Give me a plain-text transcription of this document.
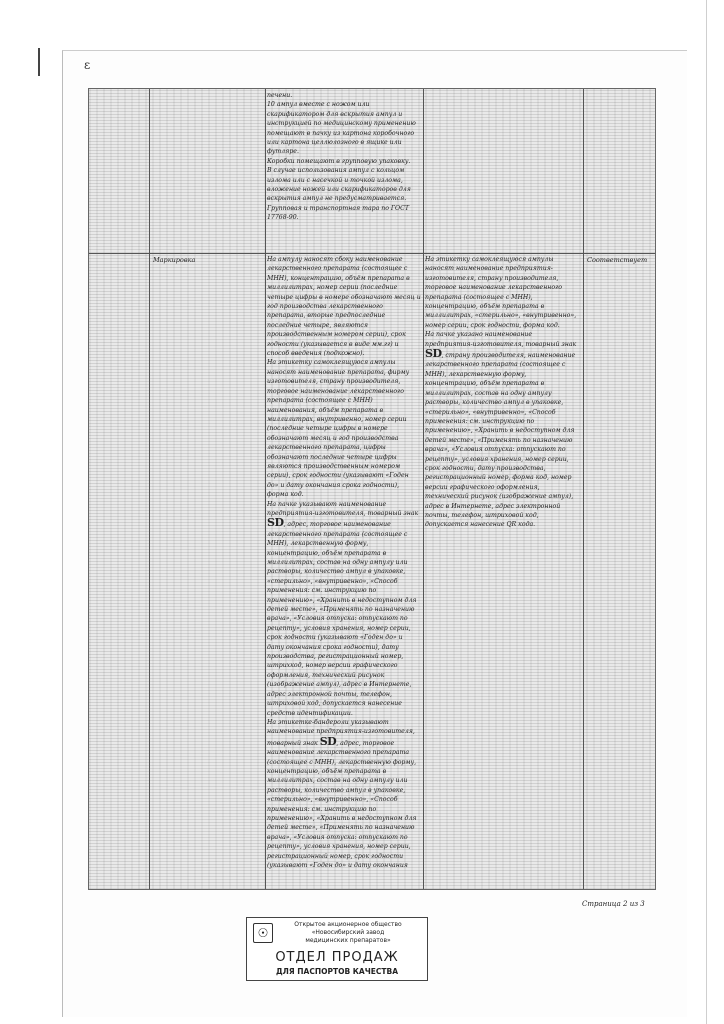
ε

печени.

10 ампул вместе с ножом или скарификатором для вскрытия ампул и инструкцией по медицинскому применению помещают в пачку из картона коробочного или картона целлюлозного в ящике или футляре.

Коробки помещают в групповую упаковку.

В случае использования ампул с кольцом излома или с насечкой и точкой излома, вложение ножей или скарификаторов для вскрытия ампул не предусматривается.

Групповая и транспортная тара по ГОСТ 17768-90.

Маркировка	На ампулу наносят сбоку наименование лекарственного препарата (состоящее с МНН), концентрацию, объём препарата в миллилитрах, номер серии (последние четыре цифры в номере обозначают месяц и год производства лекарственного препарата, вторые предпоследние последние четыре, являются производственным номером серии), срок годности (указывается в виде мм.гг) и способ введения (подкожно).

На этикетку самоклеящуюся ампулы наносят наименование препарата, фирму изготовителя, страну производителя, торговое наименование лекарственного препарата (состоящее с МНН) наименования, объём препарата в миллилитрах, внутривенно, номер серии (последние четыре цифры в номере обозначают месяц и год производства лекарственного препарата, цифры обозначают последние четыре цифры являются производственным номером серии), срок годности (указывают «Годен до» и дату окончания срока годности), форма код.

На пачке указывают наименование предприятия-изготовителя, товарный знак

SD, адрес, торговое наименование лекарственного препарата (состоящее с МНН), лекарственную форму, концентрацию, объём препарата в миллилитрах, состав на одну ампулу или растворы, количество ампул в упаковке, «стерильно», «внутривенно», «Способ применения: см. инструкцию по применению», «Хранить в недоступном для детей месте», «Применять по назначению врача», «Условия отпуска: отпускают по рецепту», условия хранения, номер серии, срок годности (указывают «Годен до» и дату окончания срока годности), дату производства, регистрационный номер, штрихкод, номер версии графического оформления, технический рисунок (изображение ампул), адрес в Интернете, адрес электронной почты, телефон, штриховой код, допускается нанесение средств идентификации.

На этикетке-бандероли указывают наименование предприятия-изготовителя,

товарный знак SD, адрес, торговое наименование лекарственного препарата (состоящее с МНН), лекарственную форму, концентрацию, объём препарата в миллилитрах, состав на одну ампулу или растворы, количество ампул в упаковке, «стерильно», «внутривенно», «Способ применения: см. инструкцию по применению», «Хранить в недоступном для детей месте», «Применять по назначению врача», «Условия отпуска: отпускают по рецепту», условия хранения, номер серии, регистрационный номер, срок годности (указывают «Годен до» и дату окончания

На этикетку самоклеящуюся ампулы наносят наименование предприятия-изготовителя, страну производителя, торговое наименование лекарственного препарата (состоящее с МНН), концентрацию, объём препарата в миллилитрах, «стерильно», «внутривенно», номер серии, срок годности, форма код.

На пачке указано наименование предприятия-изготовителя, товарный знак

SD, страну производителя, наименование лекарственного препарата (состоящее с МНН), лекарственную форму, концентрацию, объём препарата в миллилитрах, состав на одну ампулу растворы, количество ампул в упаковке, «стерильно», «внутривенно», «Способ применения: см. инструкцию по применению», «Хранить в недоступном для детей месте», «Применять по назначению врача», «Условия отпуска: отпускают по рецепту», условия хранения, номер серии, срок годности, дату производства, регистрационный номер, форма код, номер версии графического оформления, технический рисунок (изображение ампул), адрес в Интернете, адрес электронной почты, телефон, штриховой код, допускается нанесение QR кода.

Соответствует
Страница 2 из 3
☉
Открытое акционерное общество
«Новосибирский завод
медицинских препаратов»
ОТДЕЛ ПРОДАЖ
ДЛЯ ПАСПОРТОВ КАЧЕСТВА
